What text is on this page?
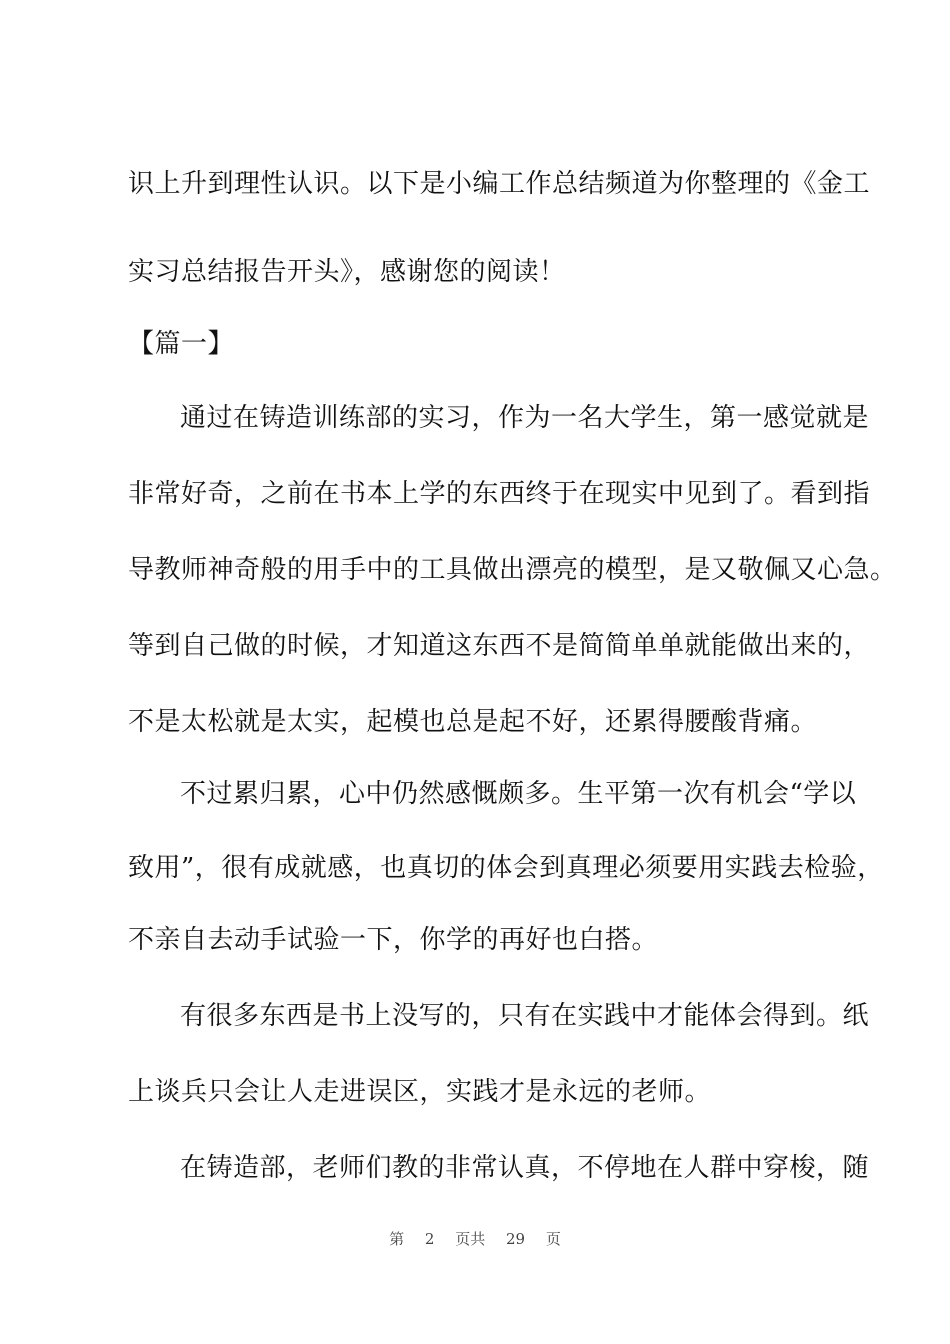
识上升到理性认识。以下是小编工作总结频道为你整理的《金工
实习总结报告开头》，感谢您的阅读！
【篇一】
通过在铸造训练部的实习，作为一名大学生，第一感觉就是
非常好奇，之前在书本上学的东西终于在现实中见到了。看到指
导教师神奇般的用手中的工具做出漂亮的模型，是又敬佩又心急。
等到自己做的时候，才知道这东西不是简简单单就能做出来的，
不是太松就是太实，起模也总是起不好，还累得腰酸背痛。
不过累归累，心中仍然感慨颇多。生平第一次有机会“学以
致用”，很有成就感，也真切的体会到真理必须要用实践去检验，
不亲自去动手试验一下，你学的再好也白搭。
有很多东西是书上没写的，只有在实践中才能体会得到。纸
上谈兵只会让人走进误区，实践才是永远的老师。
在铸造部，老师们教的非常认真，不停地在人群中穿梭，随
第 2 页共 29 页
